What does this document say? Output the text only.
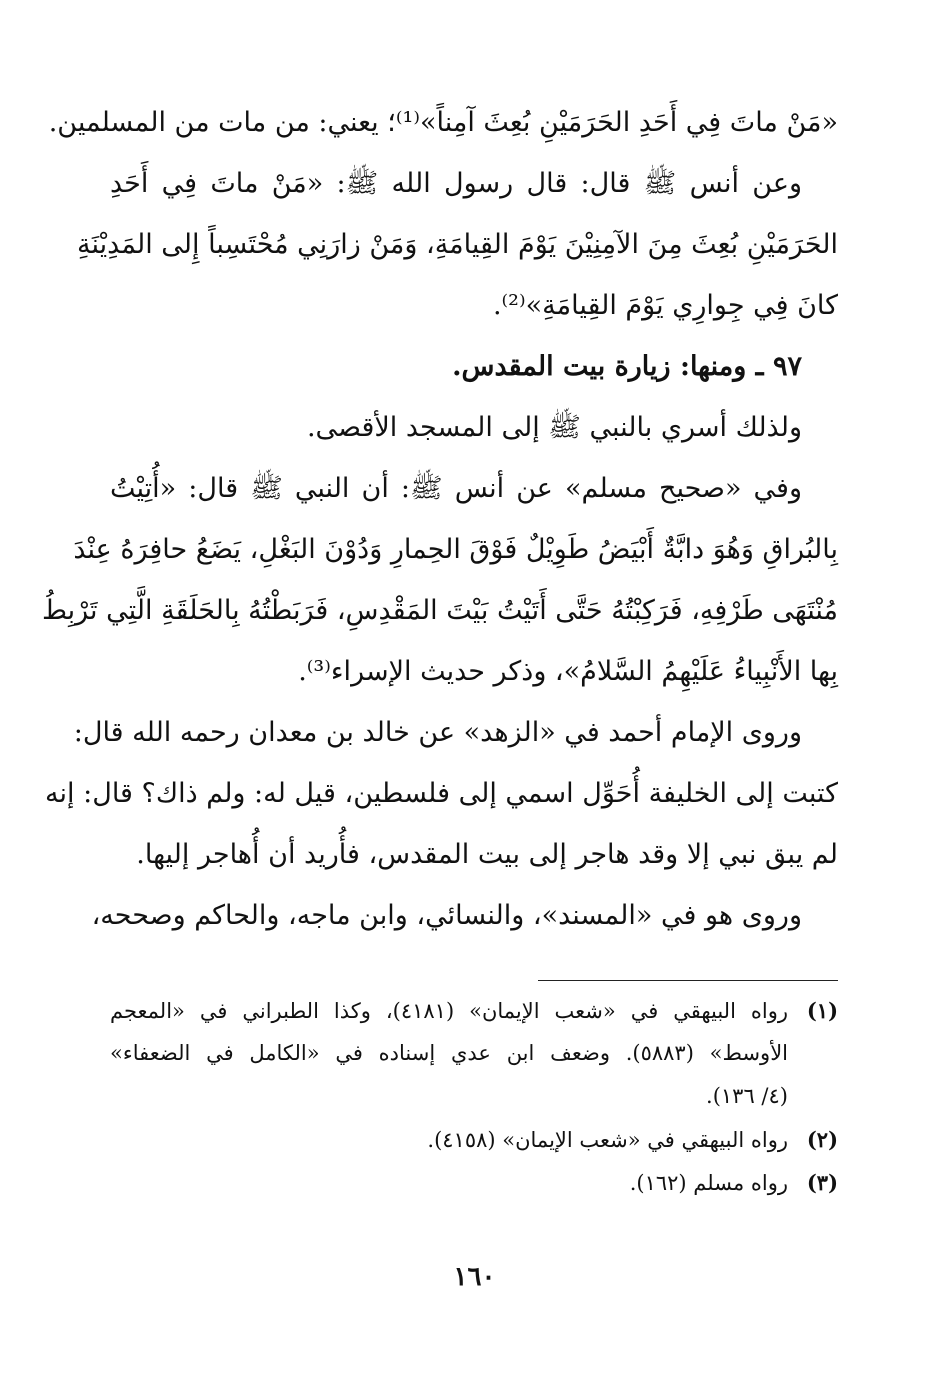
«مَنْ ماتَ فِي أَحَدِ الحَرَمَيْنِ بُعِثَ آمِناً»⁽¹⁾؛ يعني: من مات من المسلمين.
وعن أنس ﷺ قال: قال رسول الله ﷺ: «مَنْ ماتَ فِي أَحَدِ
الحَرَمَيْنِ بُعِثَ مِنَ الآمِنِيْنَ يَوْمَ القِيامَةِ، وَمَنْ زارَنِي مُحْتَسِباً إِلى المَدِيْنَةِ
كانَ فِي جِوارِي يَوْمَ القِيامَةِ»⁽²⁾.
٩٧ ـ ومنها: زيارة بيت المقدس.
ولذلك أسري بالنبي ﷺ إلى المسجد الأقصى.
وفي «صحيح مسلم» عن أنس ﷺ: أن النبي ﷺ قال: «أُتِيْتُ
بِالبُراقِ وَهُوَ دابَّةٌ أَبْيَضُ طَوِيْلٌ فَوْقَ الحِمارِ وَدُوْنَ البَغْلِ، يَضَعُ حافِرَهُ عِنْدَ
مُنْتَهَى طَرْفِهِ، فَرَكِبْتُهُ حَتَّى أَتَيْتُ بَيْتَ المَقْدِسِ، فَرَبَطْتُهُ بِالحَلَقَةِ الَّتِي تَرْبِطُ
بِها الأَنْبِياءُ عَلَيْهِمُ السَّلامُ»، وذكر حديث الإسراء⁽³⁾.
وروى الإمام أحمد في «الزهد» عن خالد بن معدان رحمه الله قال:
كتبت إلى الخليفة أُحَوِّل اسمي إلى فلسطين، قيل له: ولم ذاك؟ قال: إنه
لم يبق نبي إلا وقد هاجر إلى بيت المقدس، فأُريد أن أُهاجر إليها.
وروى هو في «المسند»، والنسائي، وابن ماجه، والحاكم وصححه،
(١)رواه البيهقي في «شعب الإيمان» (٤١٨١)، وكذا الطبراني في «المعجم
الأوسط» (٥٨٨٣). وضعف ابن عدي إسناده في «الكامل في الضعفاء»
(٤/ ١٣٦).
(٢)رواه البيهقي في «شعب الإيمان» (٤١٥٨).
(٣)رواه مسلم (١٦٢).
١٦٠
